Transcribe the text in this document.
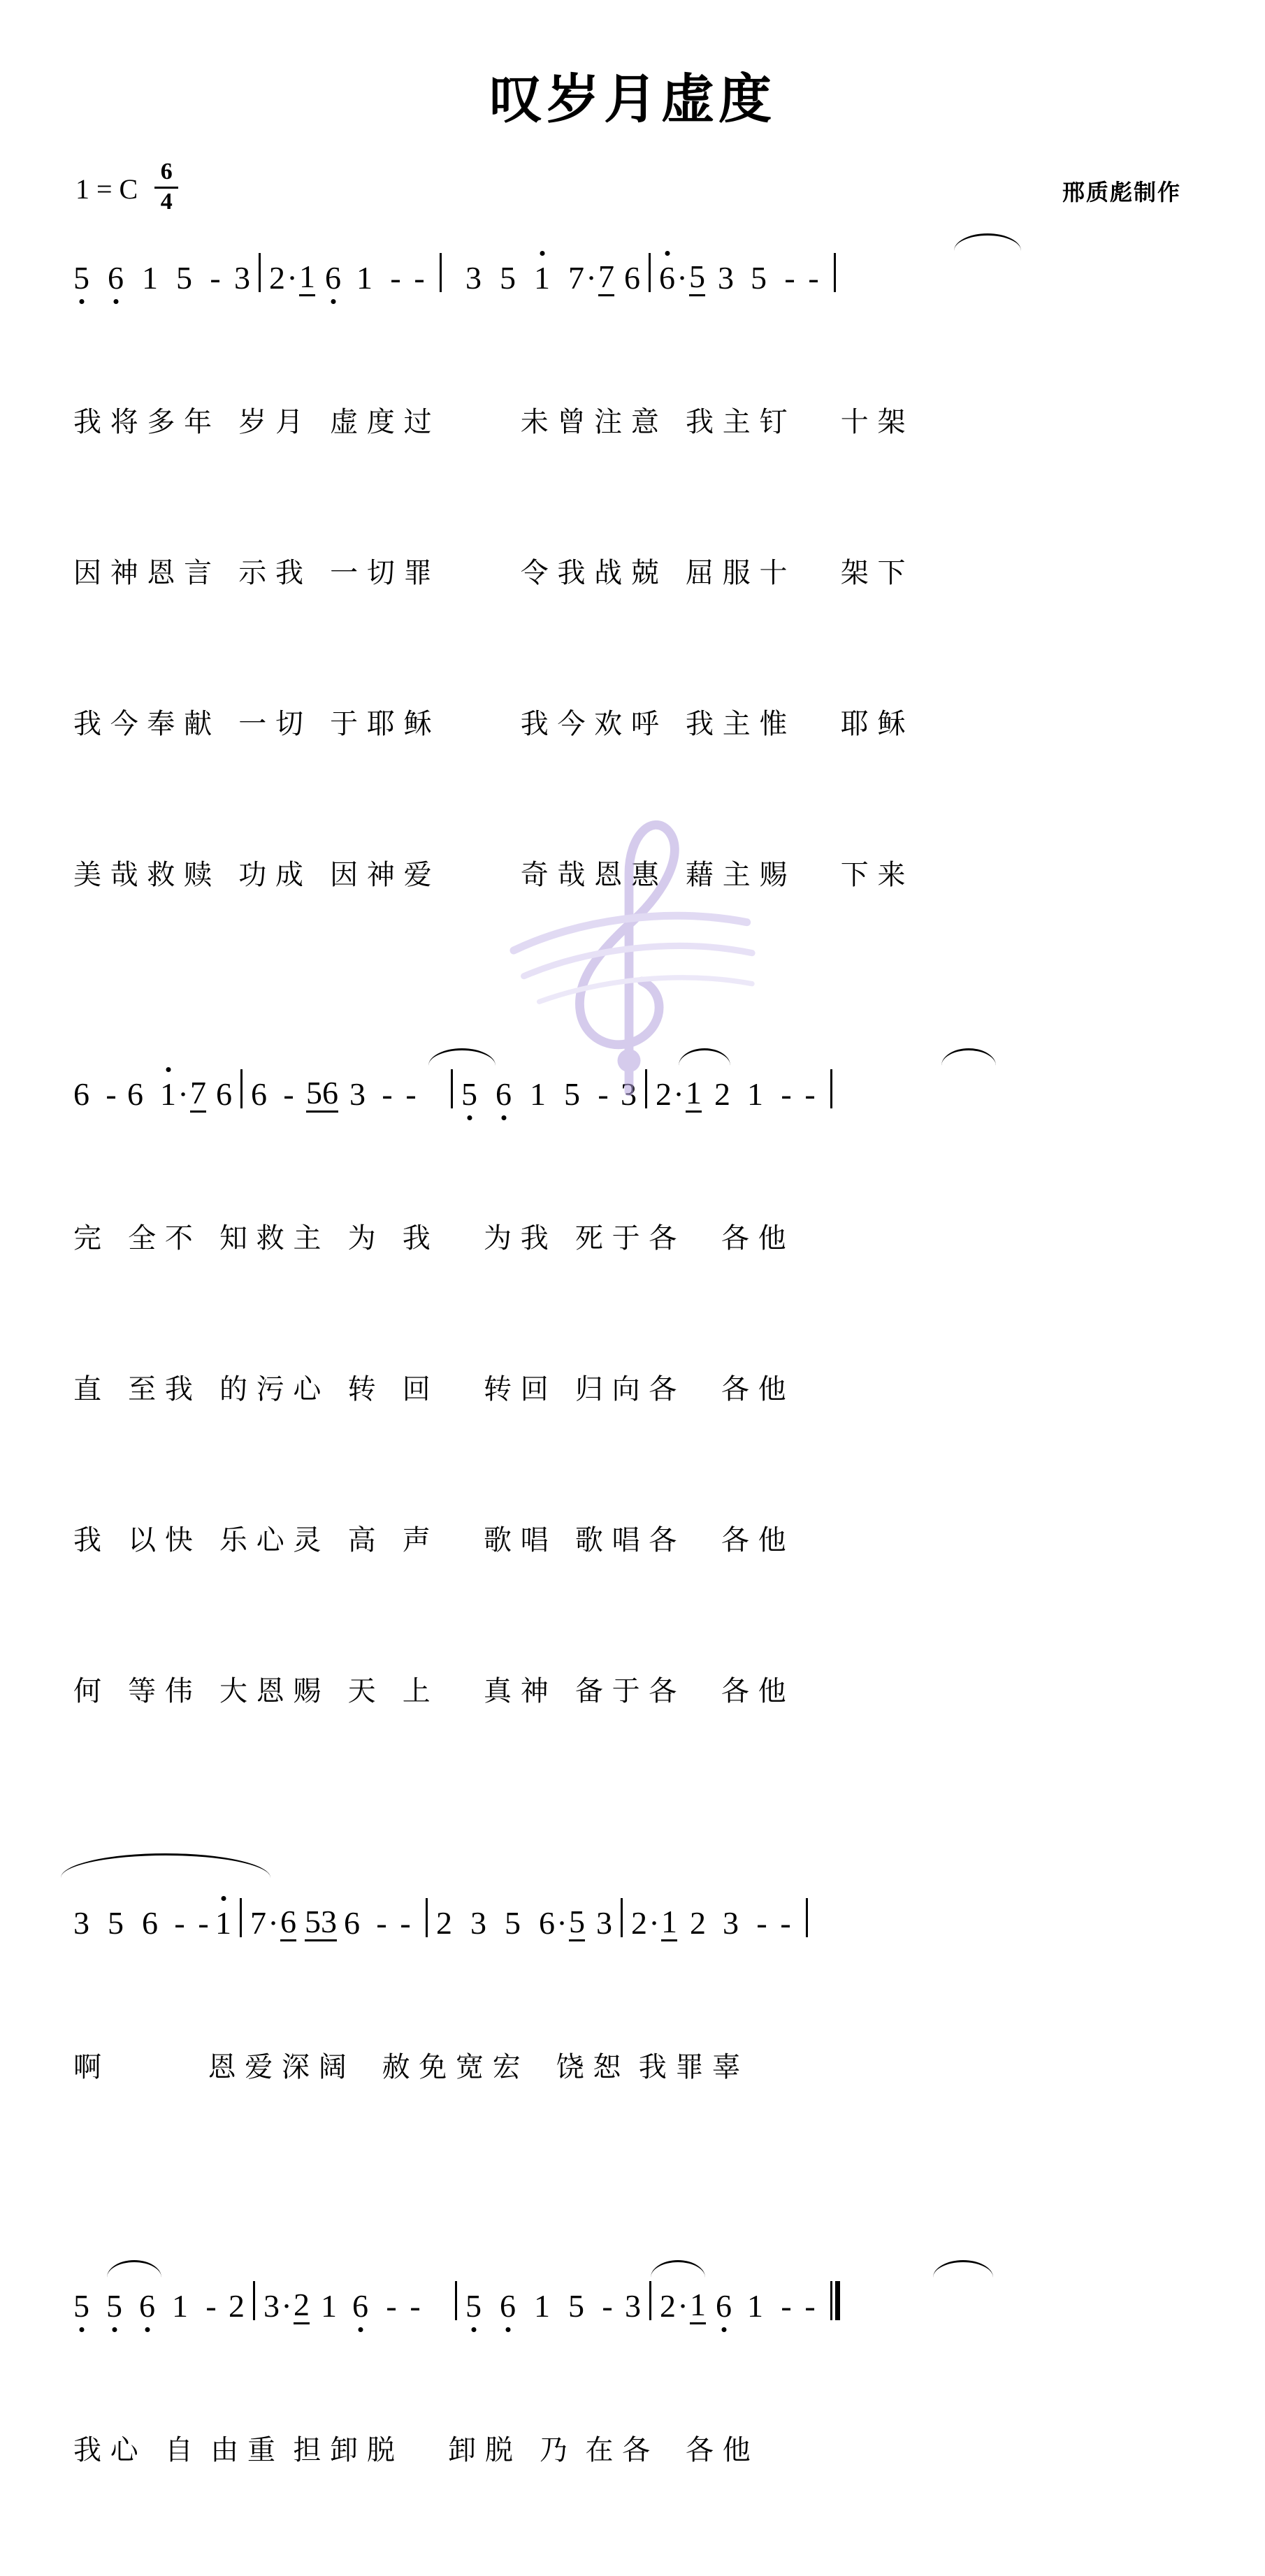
叹岁月虚度
1 = C
6
4	邢质彪制作
5 6 1 5 - 3 2 · 1 6 1 - - 3 5 1 7 · 7 6 6 · 5 3 5 - -

我 将 多 年   岁 月   虚 度 过          未 曾 注 意   我 主 钉      十 架

因 神 恩 言   示 我   一 切 罪          令 我 战 兢   屈 服 十      架 下

我 今 奉 献   一 切   于 耶 稣          我 今 欢 呼   我 主 惟      耶 稣

美 哉 救 赎   功 成   因 神 爱          奇 哉 恩 惠   藉 主 赐      下 来

6 - 6 1 · 7 6 6 - 56 3 - - 5 6 1 5 - 3 2 · 1 2 1 - -

完   全 不   知 救 主   为   我      为 我   死 于 各     各 他

直   至 我   的 污 心   转   回      转 回   归 向 各     各 他

我   以 快   乐 心 灵   高   声      歌 唱   歌 唱 各     各 他

何   等 伟   大 恩 赐   天   上      真 神   备 于 各     各 他

3 5 6 - - 1 7 · 6 53 6 - - 2 3 5 6 · 5 3 2 · 1 2 3 - -

啊            恩 爱 深 阔    赦 免 宽 宏    饶 恕  我 罪 辜

5 5 6 1 - 2 3 · 2 1 6 - - 5 6 1 5 - 3 2 · 1 6 1 - -

我 心   自  由 重  担 卸 脱      卸 脱   乃  在 各    各 他
